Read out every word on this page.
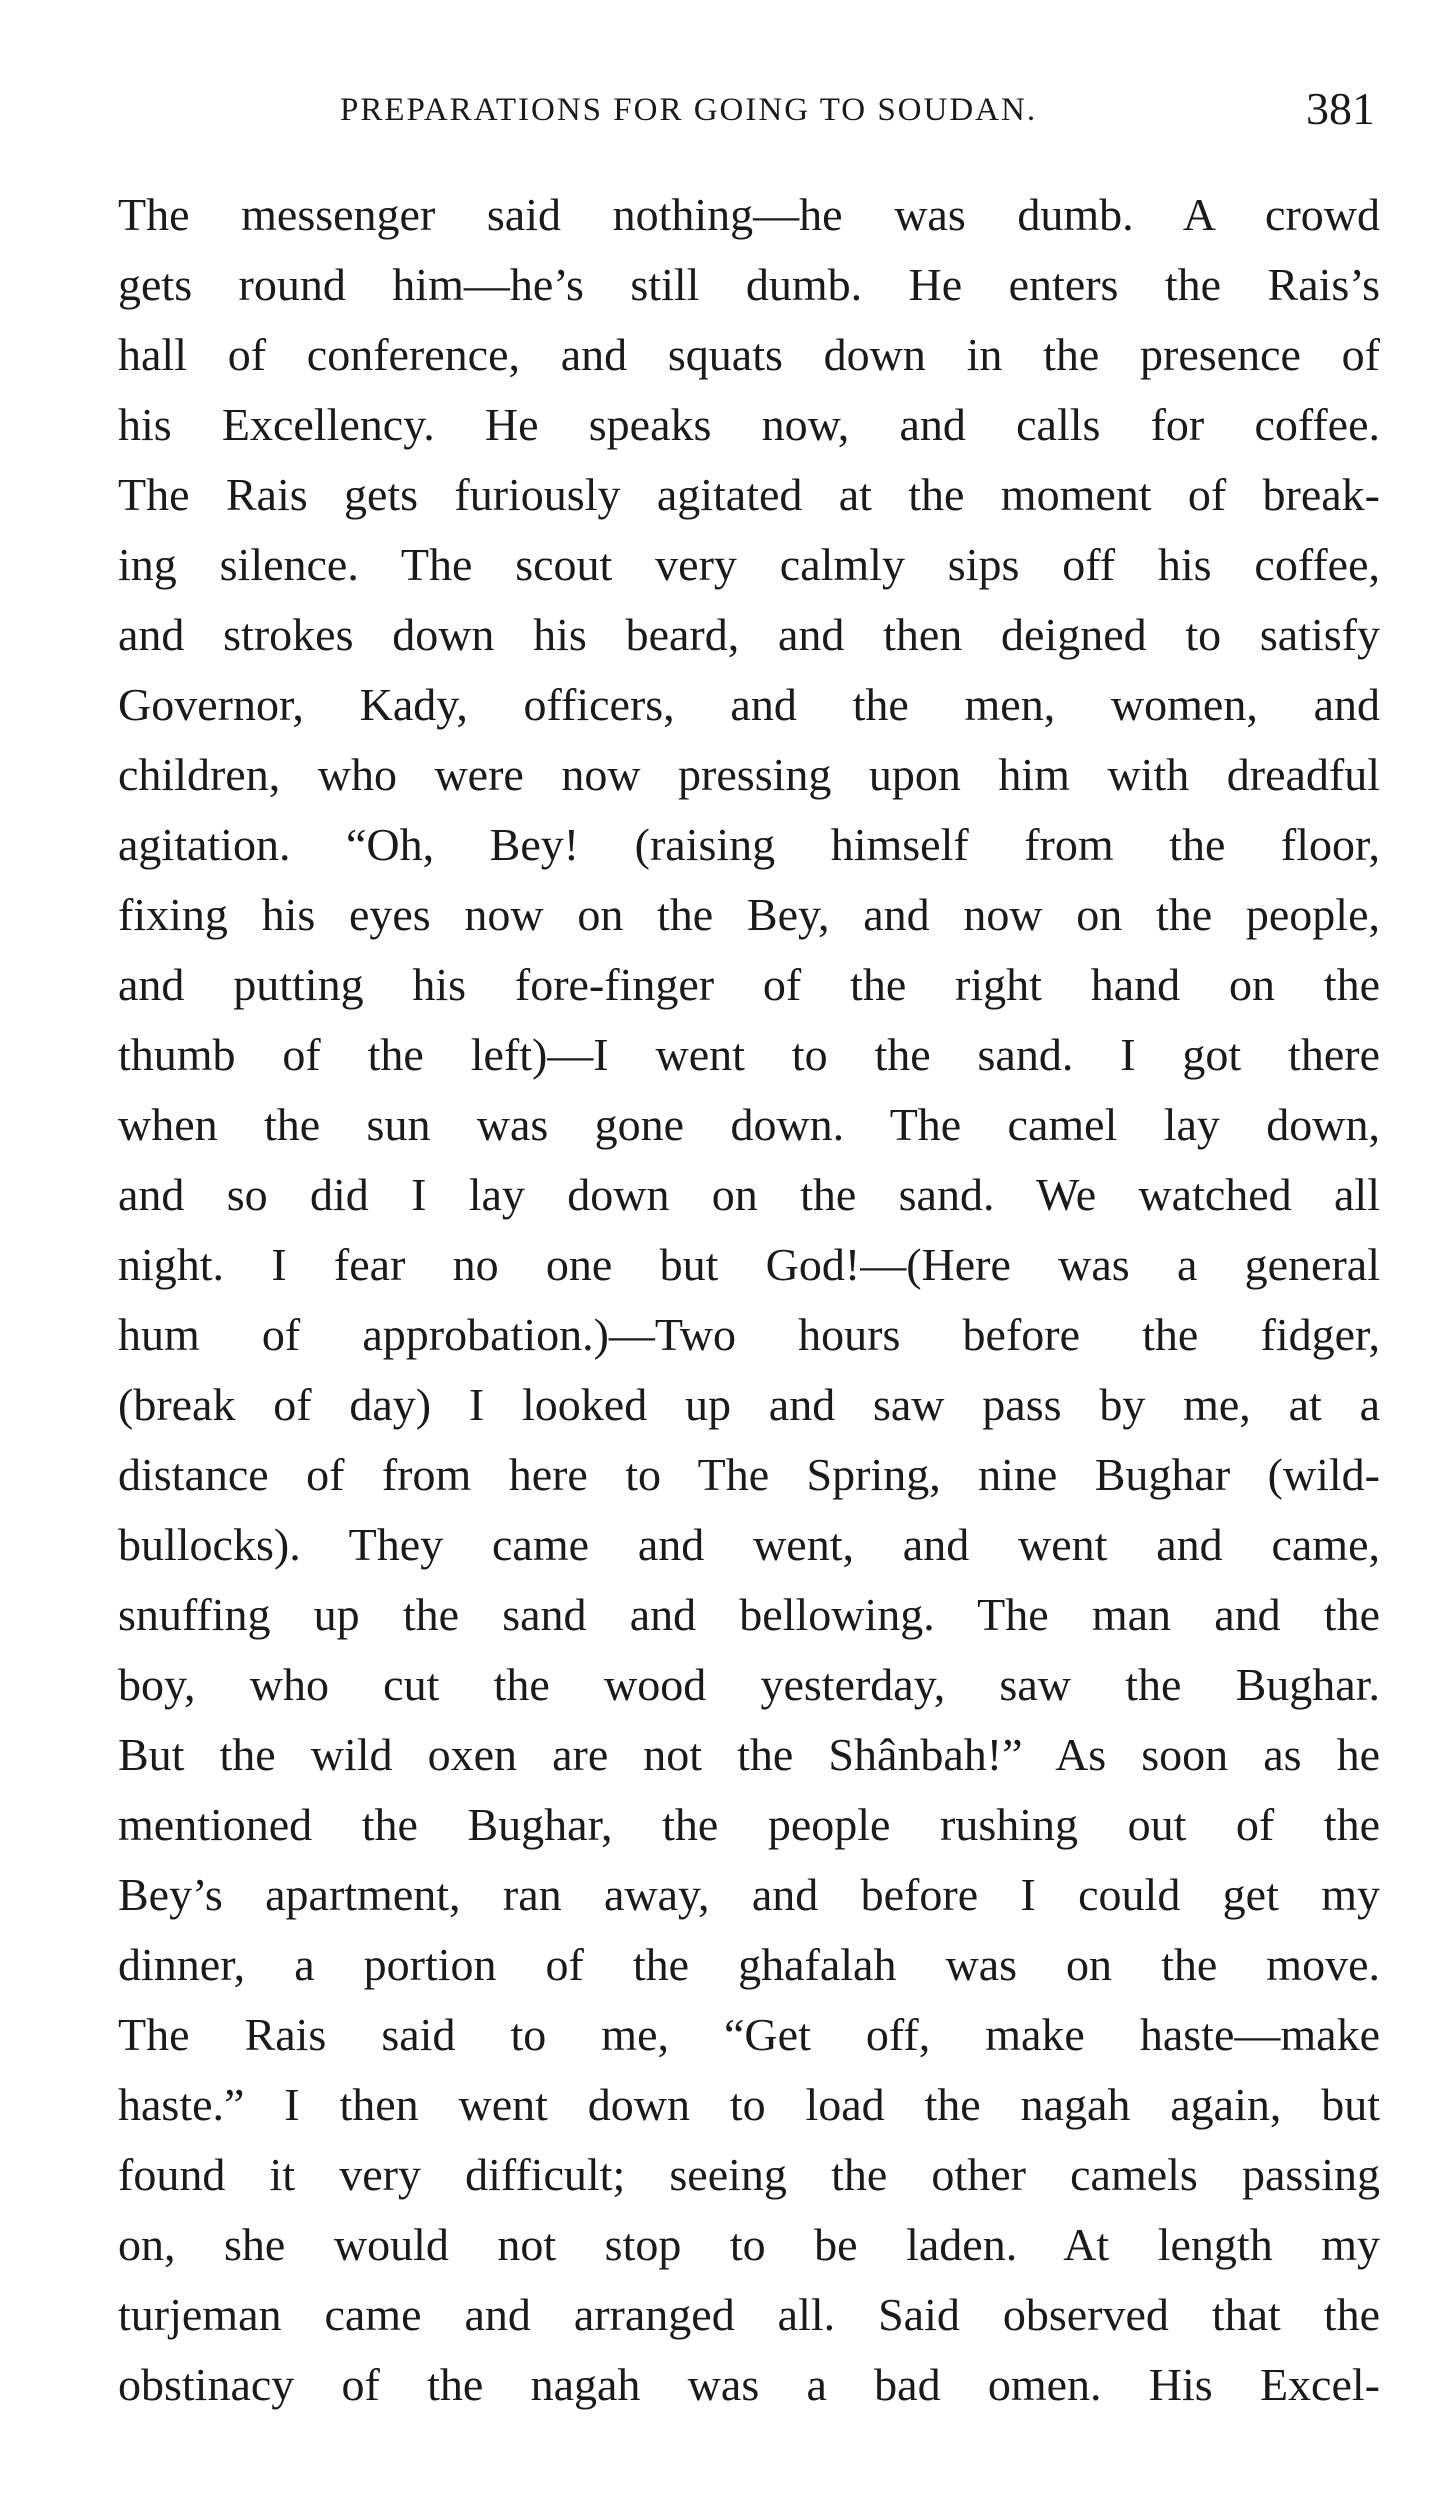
PREPARATIONS FOR GOING TO SOUDAN.	381
The messenger said nothing—he was dumb. A crowd
gets round him—he’s still dumb. He enters the Rais’s
hall of conference, and squats down in the presence of
his Excellency. He speaks now, and calls for coffee.
The Rais gets furiously agitated at the moment of break-
ing silence. The scout very calmly sips off his coffee,
and strokes down his beard, and then deigned to satisfy
Governor, Kady, officers, and the men, women, and
children, who were now pressing upon him with dreadful
agitation. “Oh, Bey! (raising himself from the floor,
fixing his eyes now on the Bey, and now on the people,
and putting his fore-finger of the right hand on the
thumb of the left)—I went to the sand. I got there
when the sun was gone down. The camel lay down,
and so did I lay down on the sand. We watched all
night. I fear no one but God!—(Here was a general
hum of approbation.)—Two hours before the fidger,
(break of day) I looked up and saw pass by me, at a
distance of from here to The Spring, nine Bughar (wild-
bullocks). They came and went, and went and came,
snuffing up the sand and bellowing. The man and the
boy, who cut the wood yesterday, saw the Bughar.
But the wild oxen are not the Shânbah!” As soon as he
mentioned the Bughar, the people rushing out of the
Bey’s apartment, ran away, and before I could get my
dinner, a portion of the ghafalah was on the move.
The Rais said to me, “Get off, make haste—make
haste.” I then went down to load the nagah again, but
found it very difficult; seeing the other camels passing
on, she would not stop to be laden. At length my
turjeman came and arranged all. Said observed that the
obstinacy of the nagah was a bad omen. His Excel-
